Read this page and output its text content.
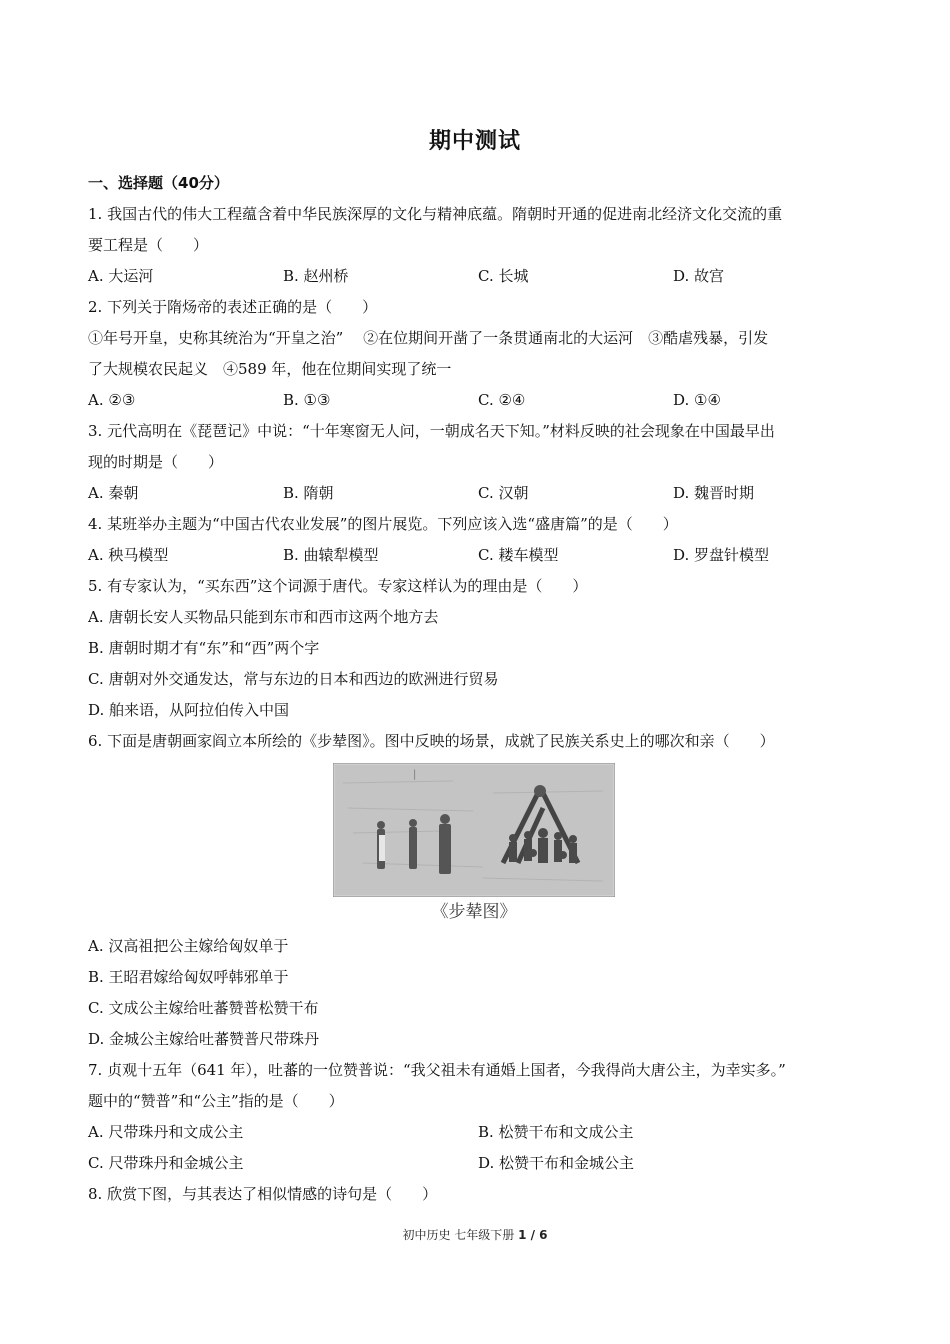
期中测试
一、选择题（40分）
1. 我国古代的伟大工程蕴含着中华民族深厚的文化与精神底蕴。隋朝时开通的促进南北经济文化交流的重
要工程是（　　）
A. 大运河	B. 赵州桥	C. 长城	D. 故宫
2. 下列关于隋炀帝的表述正确的是（　　）
①年号开皇，史称其统治为“开皇之治”　 ②在位期间开凿了一条贯通南北的大运河　③酷虐残暴，引发
了大规模农民起义　④589 年，他在位期间实现了统一
A. ②③	B. ①③	C. ②④	D. ①④
3. 元代高明在《琵琶记》中说：“十年寒窗无人问，一朝成名天下知。”材料反映的社会现象在中国最早出
现的时期是（　　）
A. 秦朝	B. 隋朝	C. 汉朝	D. 魏晋时期
4. 某班举办主题为“中国古代农业发展”的图片展览。下列应该入选“盛唐篇”的是（　　）
A. 秧马模型	B. 曲辕犁模型	C. 耧车模型	D. 罗盘针模型
5. 有专家认为，“买东西”这个词源于唐代。专家这样认为的理由是（　　）
A. 唐朝长安人买物品只能到东市和西市这两个地方去
B. 唐朝时期才有“东”和“西”两个字
C. 唐朝对外交通发达，常与东边的日本和西边的欧洲进行贸易
D. 舶来语，从阿拉伯传入中国
6. 下面是唐朝画家阎立本所绘的《步辇图》。图中反映的场景，成就了民族关系史上的哪次和亲（　　）
|
《步辇图》
A. 汉高祖把公主嫁给匈奴单于
B. 王昭君嫁给匈奴呼韩邪单于
C. 文成公主嫁给吐蕃赞普松赞干布
D. 金城公主嫁给吐蕃赞普尺带珠丹
7. 贞观十五年（641 年），吐蕃的一位赞普说：“我父祖未有通婚上国者，今我得尚大唐公主，为幸实多。”
题中的“赞普”和“公主”指的是（　　）
A. 尺带珠丹和文成公主	B. 松赞干布和文成公主
C. 尺带珠丹和金城公主	D. 松赞干布和金城公主
8. 欣赏下图，与其表达了相似情感的诗句是（　　）
初中历史 七年级下册 1 / 6
